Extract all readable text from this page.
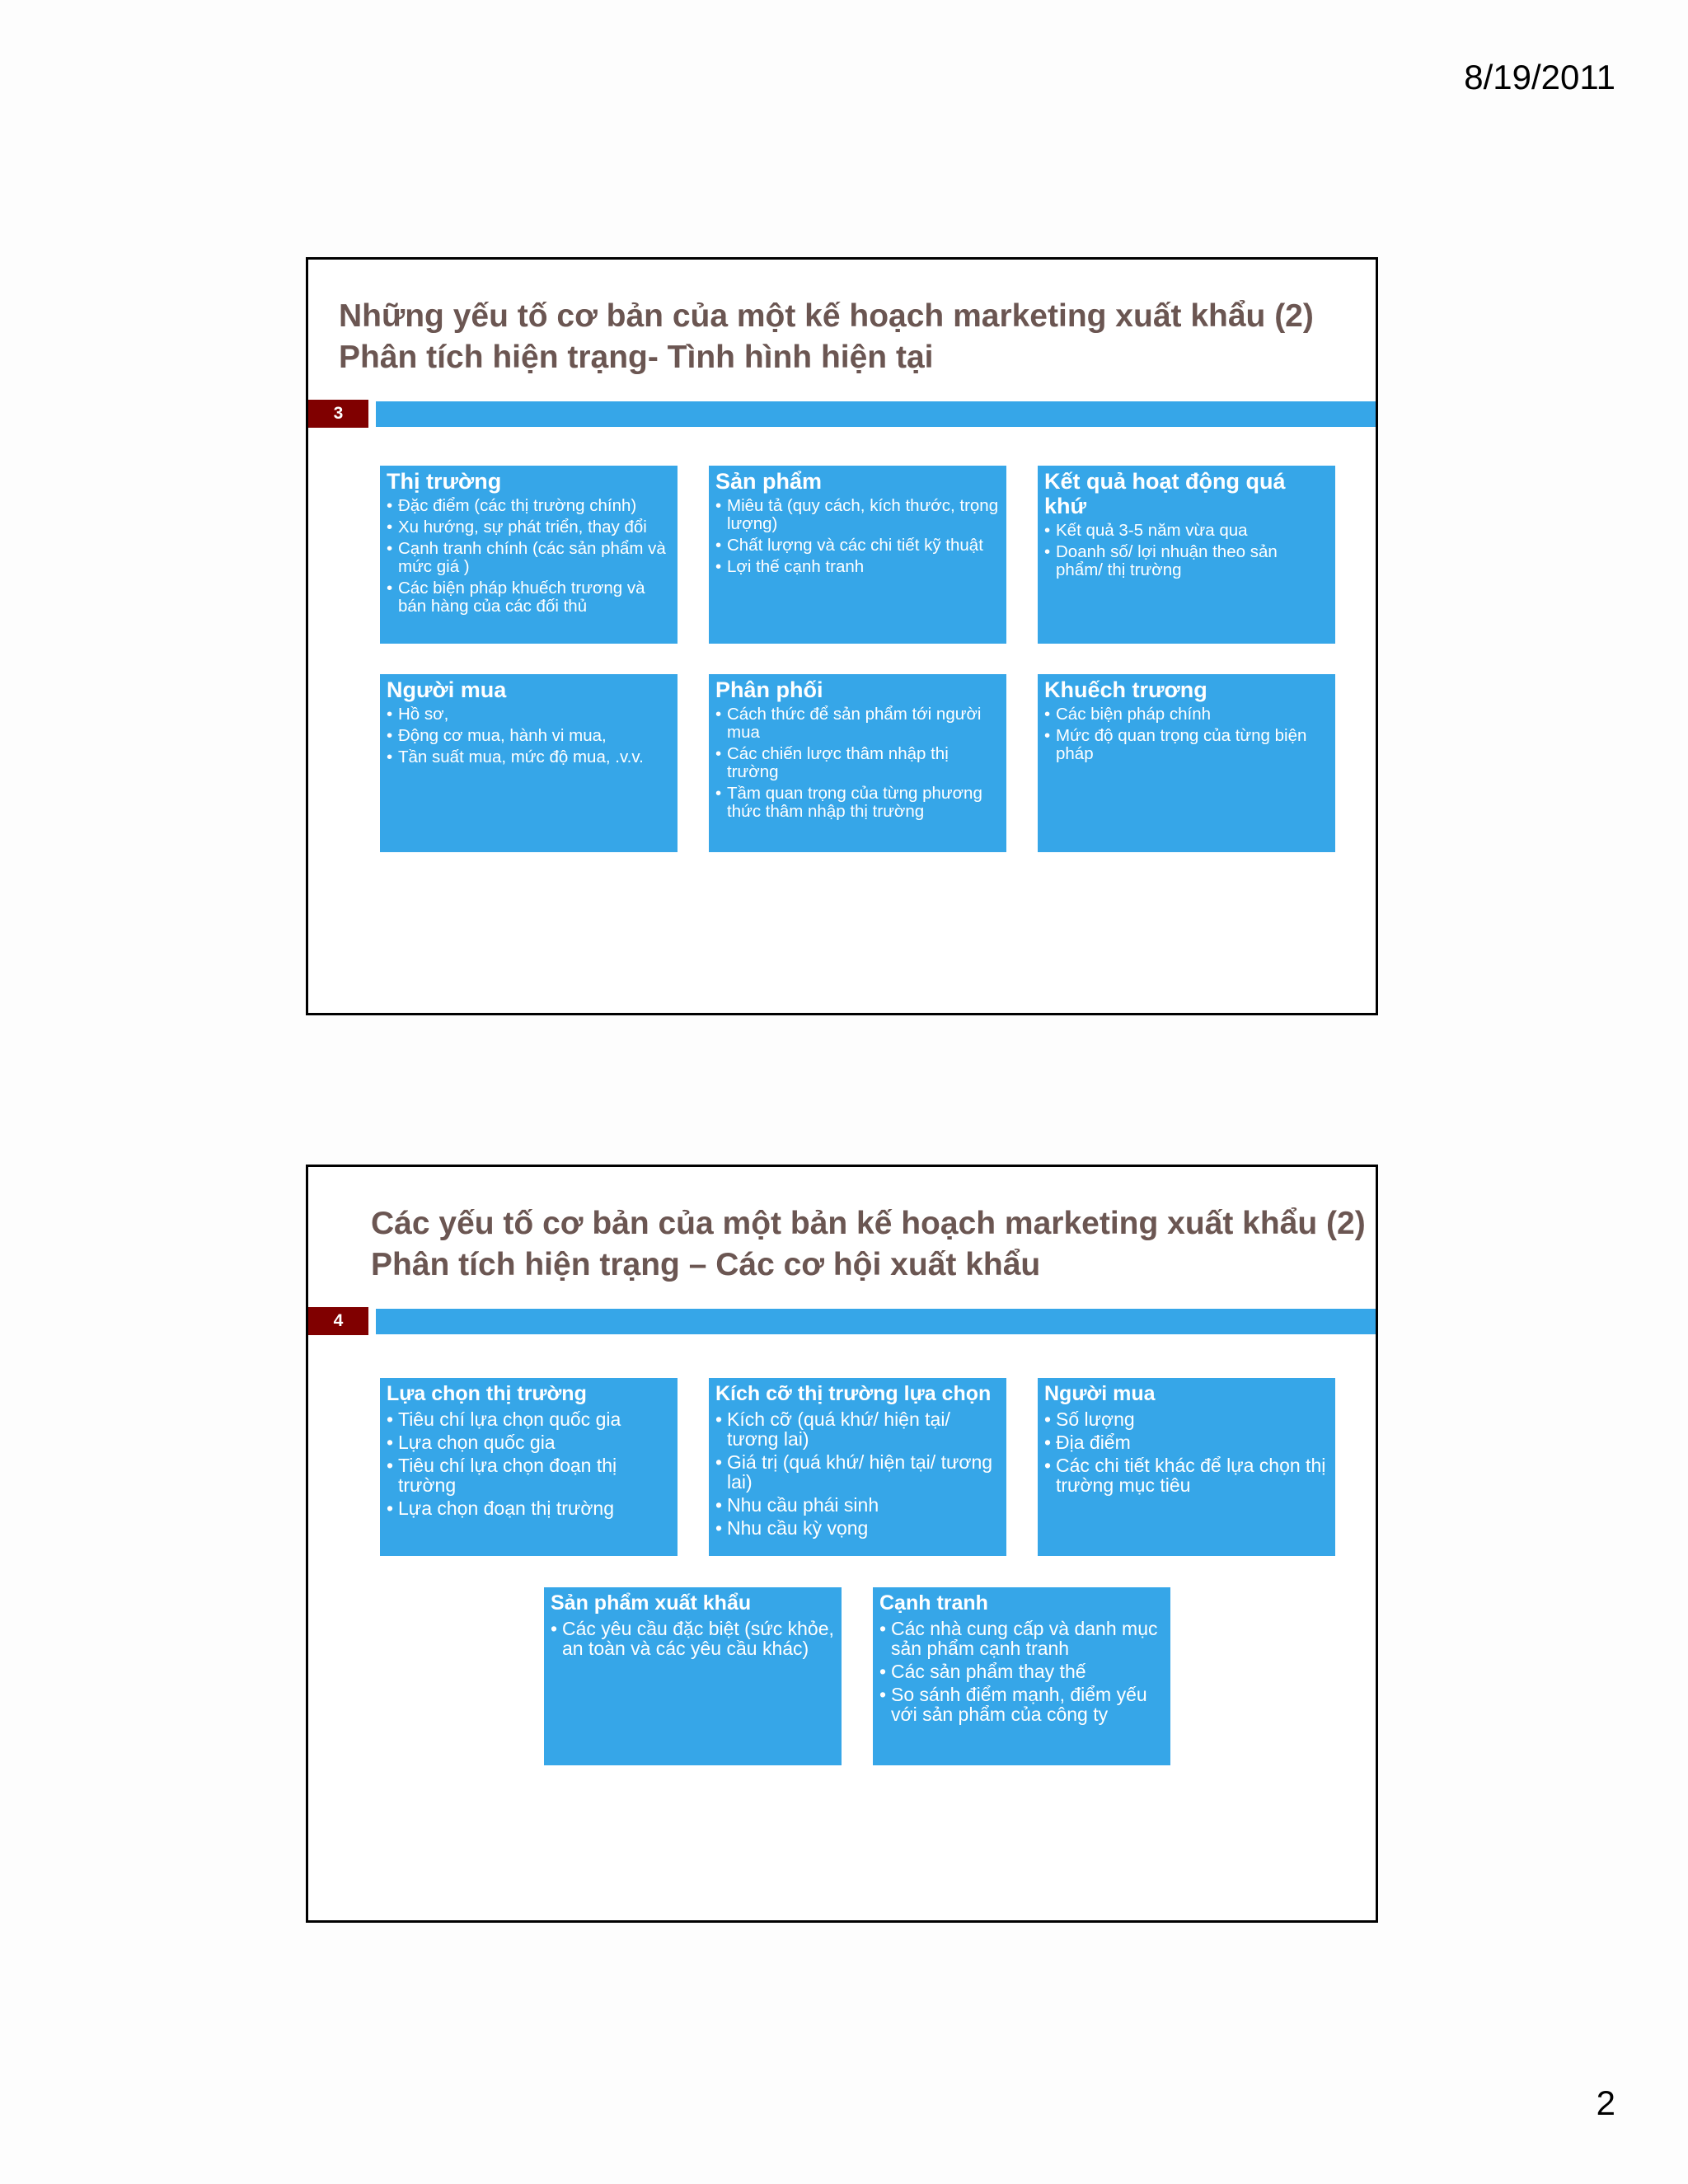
8/19/2011
Những yếu tố cơ bản của một kế hoạch marketing xuất khẩu (2)
Phân tích hiện trạng- Tình hình hiện tại
3
Thị trường
• Đặc điểm (các thị trường chính)
• Xu hướng, sự phát triển, thay đổi
• Cạnh tranh chính (các sản phẩm và mức giá )
• Các biện pháp khuếch trương và bán hàng của các đối thủ
Sản phẩm
• Miêu tả (quy cách, kích thước, trọng lượng)
• Chất lượng và các chi tiết kỹ thuật
• Lợi thế cạnh tranh
Kết quả hoạt động quá khứ
• Kết quả 3-5 năm vừa qua
• Doanh số/ lợi nhuận theo sản phẩm/ thị trường
Người mua
• Hồ sơ,
• Động cơ mua, hành vi mua,
• Tần suất mua, mức độ mua, .v.v.
Phân phối
• Cách thức để sản phẩm tới người mua
• Các chiến lược thâm nhập thị trường
• Tầm quan trọng của từng phương thức thâm nhập thị trường
Khuếch trương
• Các biện pháp chính
• Mức độ quan trọng của từng biện pháp
Các yếu tố cơ bản của một bản kế hoạch marketing xuất khẩu (2)
Phân tích hiện trạng – Các cơ hội xuất khẩu
4
Lựa chọn thị trường
• Tiêu chí lựa chọn quốc gia
• Lựa chọn quốc gia
• Tiêu chí lựa chọn đoạn thị trường
• Lựa chọn đoạn thị trường
Kích cỡ thị trường lựa chọn
• Kích cỡ (quá khứ/ hiện tại/ tương lai)
• Giá trị (quá khứ/ hiện tại/ tương lai)
• Nhu cầu phái sinh
• Nhu cầu kỳ vọng
Người mua
• Số lượng
• Địa điểm
• Các chi tiết khác để lựa chọn thị trường mục tiêu
Sản phẩm xuất khẩu
• Các yêu cầu đặc biệt (sức khỏe, an toàn và các yêu cầu khác)
Cạnh tranh
• Các nhà cung cấp và danh mục sản phẩm cạnh tranh
• Các sản phẩm thay thế
• So sánh điểm mạnh, điểm yếu với sản phẩm của công ty
2
